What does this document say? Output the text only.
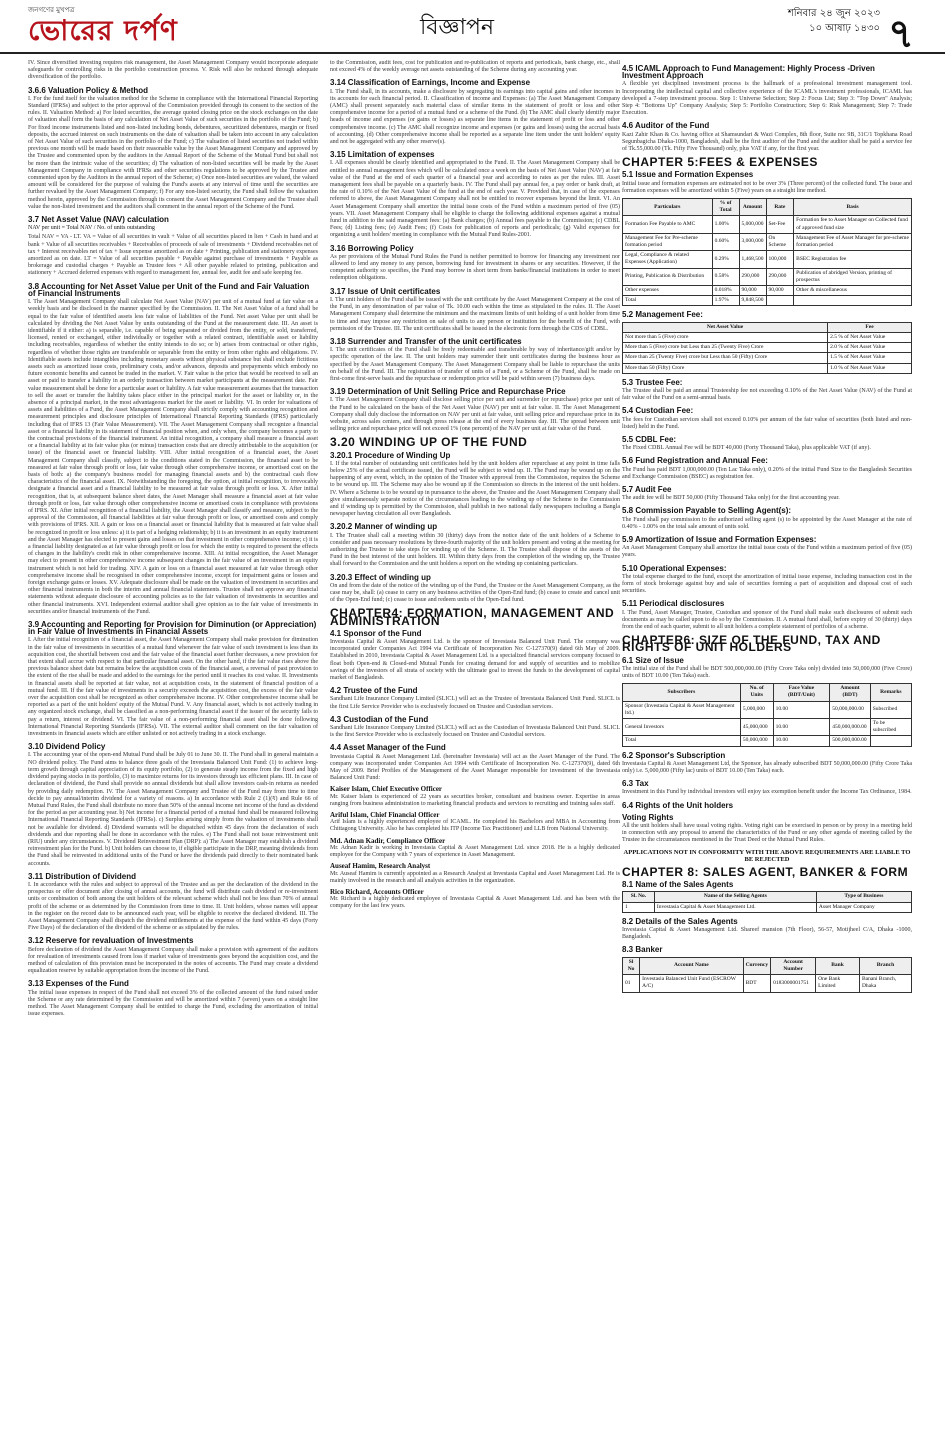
জনগণের মুখপত্র
ভোরের দর্পণ	বিজ্ঞাপন
শনিবার ২৪ জুন ২০২৩
১০ আষাঢ় ১৪৩০ ৭

IV. Since diversified investing requires risk management, the Asset Management Company would incorporate adequate safeguards for controlling risks in the portfolio construction process. V. Risk will also be reduced through adequate diversification of the portfolio.

3.6.6 Valuation Policy & Method

I. For the fund itself for the valuation method for the Scheme in compliance with the International Financial Reporting Standard (IFRSs) and subject to the prior approval of the Commission provided through its consent to the section of the rules. II. Valuation Method: a) For listed securities, the average quoted closing price on the stock exchanges on the date of valuation shall form the basis of any calculation of Net Asset Value of such securities in the portfolio of the Fund; b) For fixed income instruments listed and non-listed including bonds, debentures, securitized debentures, margin or fixed deposits, the accrued interest on such instruments on the date of valuation shall be taken into account in any calculation of Net Asset Value of such securities in the portfolio of the Fund; c) The valuation of listed securities not traded within previous one month will be made based on their reasonable value by the Asset Management Company and approved by the Trustee and commented upon by the auditors in the Annual Report of the Scheme of the Mutual Fund but shall not be more than the intrinsic value of the securities; d) The valuation of non-listed securities will be made by the Asset Management Company in compliance with IFRSs and other securities regulations to be approved by the Trustee and commented upon by the Auditors in the annual report of the Scheme; e) Once non-listed securities are valued, the valued amount will be considered for the purpose of valuing the Fund's assets at any interval of time until the securities are further revalued by the Asset Management Company; f) For any non-listed security, the Fund shall follow the valuation method herein, approved by the Commission through its consent the Asset Management Company and the Trustee shall value the non-listed investment and the auditors shall comment in the annual report of the Scheme of the Fund.

3.7 Net Asset Value (NAV) calculation

NAV per unit = Total NAV / No. of units outstanding

Total NAV = VA - LT. VA = Value of all securities in vault + Value of all securities placed in lien + Cash in hand and at bank + Value of all securities receivables + Receivables of proceeds of sale of investments + Dividend receivables net of tax + Interest receivables net of tax + Issue expense amortized as on date + Printing, publication and stationery expenses amortized as on date. LT = Value of all securities payable + Payable against purchase of investments + Payable as brokerage and custodial charges + Payable as Trustee fees + All other payable related to printing, publication and stationery + Accrued deferred expenses with regard to management fee, annual fee, audit fee and safe keeping fee.

3.8 Accounting for Net Asset Value per Unit of the Fund and Fair Valuation of Financial Instruments

I. The Asset Management Company shall calculate Net Asset Value (NAV) per unit of a mutual fund at fair value on a weekly basis and be disclosed in the manner specified by the Commission. II. The Net Asset Value of a fund shall be equal to the fair value of identified assets less fair value of liabilities of the Fund. Net asset Value per unit shall be calculated by dividing the Net Asset Value by units outstanding of the Fund at the measurement date. III. An asset is identifiable if it either: a) is separable, i.e. capable of being separated or divided from the entity, or sold, transferred, licensed, rented or exchanged, either individually or together with a related contract, identifiable asset or liability including receivables, regardless of whether the entity intends to do so; or b) arises from contractual or other rights, regardless of whether those rights are transferable or separable from the entity or from other rights and obligations. IV. Identifiable assets include intangibles including monetary assets without physical substance but shall exclude fictitious assets such as amortized issue costs, preliminary costs, and/or advances, deposits and prepayments which embody no future economic benefits and cannot be traded in the market. V. Fair value is the price that would be received to sell an asset or paid to transfer a liability in an orderly transaction between market participants at the measurement date. Fair value measurement shall be done for a particular asset or liability. A fair value measurement assumes that the transaction to sell the asset or transfer the liability takes place either in the principal market for the asset or liability or, in the absence of a principal market, in the most advantageous market for the asset or liability. VI. In order for valuations of assets and liabilities of a Fund, the Asset Management Company shall strictly comply with accounting recognition and measurement principles and disclosure principles of International Financial Reporting Standards (IFRS) particularly including that of IFRS 13 (Fair Value Measurement). VII. The Asset Management Company shall recognize a financial asset or a financial liability in its statement of financial position when, and only when, the company becomes a party to the contractual provisions of the financial instrument. An initial recognition, a company shall measure a financial asset or a financial liability at its fair value plus (or minus) transaction costs that are directly attributable to the acquisition (or issue) of the financial asset or financial liability. VIII. After initial recognition of a financial asset, the Asset Management Company shall classify, subject to the conditions stated in the Commission, the financial asset to be measured at fair value through profit or loss, fair value through other comprehensive income, or amortised cost on the basis of both: a) the company's business model for managing financial assets and b) the contractual cash flow characteristics of the financial asset. IX. Notwithstanding the foregoing, the option, at initial recognition, to irrevocably designate a financial asset and a financial liability to be measured at fair value through profit or loss. X. After initial recognition, that is, at subsequent balance sheet dates, the Asset Manager shall measure a financial asset at fair value through profit or loss, fair value through other comprehensive income or amortised costs in compliance with provisions of IFRS. XI. After initial recognition of a financial liability, the Asset Manager shall classify and measure, subject to the approval of the Commission, all financial liabilities at fair value through profit or loss, or amortised costs and comply with provisions of IFRS. XII. A gain or loss on a financial asset or financial liability that is measured at fair value shall be recognized in profit or loss unless: a) it is part of a hedging relationship; b) it is an investment in an equity instrument and the Asset Manager has elected to present gains and losses on that investment in other comprehensive income; c) it is a financial liability designated as at fair value through profit or loss for which the entity is required to present the effects of changes in the liability's credit risk in other comprehensive income. XIII. At initial recognition, the Asset Manager may elect to present in other comprehensive income subsequent changes in the fair value of an investment in an equity instrument which is not held for trading. XIV. A gain or loss on a financial asset measured at fair value through other comprehensive income shall be recognised in other comprehensive income, except for impairment gains or losses and foreign exchange gains or losses. XV. Adequate disclosure shall be made on the valuation of investment in securities and other financial instruments in both the interim and annual financial statements. Trustee shall not approve any financial statements without adequate disclosure of accounting policies as to the fair valuation of investments in securities and other financial instruments. XVI. Independent external auditor shall give opinion as to the fair value of investments in securities and/or financial instruments of the Fund.

3.9 Accounting and Reporting for Provision for Diminution (or Appreciation) in Fair Value of Investments in Financial Assets

I. After the initial recognition of a financial asset, the Asset Management Company shall make provision for diminution in the fair value of investments in securities of a mutual fund whenever the fair value of such investment is less than its acquisition cost, the shortfall between cost and the fair value of the financial asset further decreases, a new provision for that extent shall accrue with respect to that particular financial asset. On the other hand, if the fair value rises above the previous balance sheet date but remains below the acquisition costs of the financial asset, a reversal of past provision to the extent of the rise shall be made and added to the earnings for the period until it reaches its cost value. II. Investments in financial assets shall be reported at fair value, not at acquisition costs, in the statement of financial position of a mutual fund. III. If the fair value of investments in a security exceeds the acquisition cost, the excess of the fair value over the acquisition cost shall be recognized as other comprehensive income. IV. Other comprehensive income shall be reported as a part of the unit holders' equity of the Mutual Fund. V. Any financial asset, which is not actively trading in any organized stock exchange, shall be classified as a non-performing financial asset if the issuer of the security fails to pay a return, interest or dividend. VI. The fair value of a non-performing financial asset shall be done following International Financial Reporting Standards (IFRSs). VII. The external auditor shall comment on the fair valuation of investments in financial assets which are either unlisted or not actively trading in a stock exchange.

3.10 Dividend Policy

I. The accounting year of the open-end Mutual Fund shall be July 01 to June 30. II. The Fund shall in general maintain a NO dividend policy. The Fund aims to balance three goals of the Investasia Balanced Unit Fund: (1) to achieve long-term growth through capital appreciation of its equity portfolio, (2) to generate steady income from the fixed and high dividend paying stocks in its portfolio, (3) to maximize returns for its investors through tax efficient plans. III. In case of declaration of dividend, the Fund shall provide no annual dividends but shall allow investors cash-in returns as needed by providing daily redemption. IV. The Asset Management Company and Trustee of the Fund may from time to time decide to pay annual/interim dividend for a variety of reasons. a) In accordance with Rule 2 (1)(ধ) and Rule 66 of Mutual Fund Rules, the Fund shall distribute no more than 50% of the annual income net income of the fund as dividend for the period as per accounting year. b) Net income for a financial period of a mutual fund shall be measured following International Financial Reporting Standards (IFRSs). c) Surplus arising simply from the valuation of investments shall not be available for dividend. d) Dividend warrants will be dispatched within 45 days from the declaration of such dividends and due reporting shall be done in accordance with the rules. e) The Fund shall not issue reinvestment unit (RIU) under any circumstances. V. Dividend Reinvestment Plan (DRP): a) The Asset Manager may establish a dividend reinvestment plan for the Fund. b) Unit holders can choose to, if eligible participate in the DRP, meaning dividends from the Fund shall be reinvested in additional units of the Fund or have the dividends paid directly to their nominated bank accounts.

3.11 Distribution of Dividend

I. In accordance with the rules and subject to approval of the Trustee and as per the declaration of the dividend in the prospectus or offer document after closing of annual accounts, the fund will distribute cash dividend or re-investment units or combination of both among the unit holders of the relevant scheme which shall not be less than 70% of annual profit of the scheme or as determined by the Commission from time to time. II. Unit holders, whose names will appear in the register on the record date to be announced each year, will be eligible to receive the declared dividend. III. The Asset Management Company shall dispatch the dividend entitlements at the expense of the fund within 45 days (Forty Five Days) of the declaration of the dividend of the scheme or as stipulated by the rules.

3.12 Reserve for revaluation of Investments

Before declaration of dividend the Asset Management Company shall make a provision with agreement of the auditors for revaluation of investments caused from loss if market value of investments goes beyond the acquisition cost, and the method of calculation of this provision must be incorporated in the notes of accounts. The Fund may create a dividend equalization reserve by suitable appropriation from the income of the Fund.

3.13 Expenses of the Fund

The initial issue expenses in respect of the Fund shall not exceed 3% of the collected amount of the fund raised under the Scheme or any rate determined by the Commission and will be amortized within 7 (seven) years on a straight line method. The Asset Management Company shall be entitled to charge the Fund, excluding the amortization of initial issue expenses.

to the Commission, audit fees, cost for publication and re-publication of reports and periodicals, bank charge, etc., shall not exceed 4% of the weekly average net assets outstanding of the Scheme during any accounting year.

3.14 Classification of Earnings, Income and Expense

I. The Fund shall, in its accounts, make a disclosure by segregating its earnings into capital gains and other incomes in its accounts for each financial period. II. Classification of income and Expenses: (a) The Asset Management Company (AMC) shall present separately each material class of similar items in the statement of profit or loss and other comprehensive income for a period of a mutual fund or a scheme of the Fund. (b) The AMC shall clearly identify major heads of income and expenses (or gains or losses) as separate line items in the statement of profit or loss and other comprehensive income. (c) The AMC shall recognize income and expenses (or gains and losses) using the accrual basis of accounting. (d) Other comprehensive income shall be reported as a separate line item under the unit holders' equity and not be aggregated with any other reserve(s).

3.15 Limitation of expenses

I. All expenses should be clearly identified and appropriated to the Fund. II. The Asset Management Company shall be entitled to annual management fees which will be calculated once a week on the basis of Net Asset Value (NAV) at fair value of the Fund at the end of each quarter of a financial year and according to rates as per the rules. III. Asset management fees shall be payable on a quarterly basis. IV. The Fund shall pay annual fee, a pay order or bank draft, at the rate of 0.10% of the Net Asset Value of the fund at the end of each year. V. Provided that, in case of the expenses referred to above, the Asset Management Company shall not be entitled to recover expenses beyond the limit. VI. An Asset Management Company shall amortize the initial issue costs of the Fund within a maximum period of five (05) years. VII. Asset Management Company shall be eligible to charge the following additional expenses against a mutual fund in addition to the said management fees: (a) Bank charges; (b) Annual fees payable to the Commission; (c) CDBL Fees; (d) Listing fees; (e) Audit Fees; (f) Costs for publication of reports and periodicals; (g) Valid expenses for organizing a unit holders' meeting in compliance with the Mutual Fund Rules-2001.

3.16 Borrowing Policy

As per provisions of the Mutual Fund Rules the Fund is neither permitted to borrow for financing any investment nor allowed to lend any money to any person, borrowing fund for investment in shares or any securities. However, if the competent authority so specifies, the Fund may borrow in short term from banks/financial institutions in order to meet redemption obligations.

3.17 Issue of Unit certificates

I. The unit holders of the Fund shall be issued with the unit certificate by the Asset Management Company at the cost of the Fund, in any denomination of par value of Tk. 10.00 each within the time as stipulated in the rules. II. The Asset Management Company shall determine the minimum and the maximum limits of unit holding of a unit holder from time to time and may impose any restriction on sale of units to any person or institution for the benefit of the Fund, with permission of the Trustee. III. The unit certificates shall be issued in the electronic form through the CDS of CDBL.

3.18 Surrender and Transfer of the unit certificates

I. The unit certificates of the Fund shall be freely redeemable and transferable by way of inheritance/gift and/or by specific operation of the law. II. The unit holders may surrender their unit certificates during the business hour as specified by the Asset Management Company. The Asset Management Company shall be liable to repurchase the units on behalf of the Fund. III. The registration of transfer of units of a Fund, or a Scheme of the Fund, shall be made on first-come first-serve basis and the repurchase or redemption price will be paid within seven (7) business days.

3.19 Determination of Unit Selling Price and Repurchase Price

I. The Asset Management Company shall disclose selling price per unit and surrender (or repurchase) price per unit of the Fund to be calculated on the basis of the Net Asset Value (NAV) per unit at fair value. II. The Asset Management Company shall duly disclose the information on NAV per unit at fair value, unit selling price and repurchase price in its website, across sales centers, and through press release at the end of every business day. III. The spread between unit selling price and repurchase price will not exceed 1% (one percent) of the NAV per unit at fair value of the Fund.

3.20 WINDING UP OF THE FUND
3.20.1 Procedure of Winding Up

I. If the total number of outstanding unit certificates held by the unit holders after repurchase at any point in time falls below 25% of the actual certificate issued, the Fund will be subject to wind up. II. The Fund may be wound up on the happening of any event, which, in the opinion of the Trustee with approval from the Commission, requires the Scheme to be wound up. III. The Scheme may also be wound up if the Commission so directs in the interest of the unit holders. IV. Where a Scheme is to be wound up in pursuance to the above, the Trustee and the Asset Management Company shall give simultaneously separate notice of the circumstances leading to the winding up of the Scheme to the Commission and if winding up is permitted by the Commission, shall publish in two national daily newspapers including a Bangla newspaper having circulation all over Bangladesh.

3.20.2 Manner of winding up

I. The Trustee shall call a meeting within 30 (thirty) days from the notice date of the unit holders of a Scheme to consider and pass necessary resolutions by three-fourth majority of the unit holders present and voting at the meeting for authorizing the Trustee to take steps for winding up of the Scheme. II. The Trustee shall dispose of the assets of the Fund in the best interest of the unit holders. III. Within thirty days from the completion of the winding up, the Trustee shall forward to the Commission and the unit holders a report on the winding up containing particulars.

3.20.3 Effect of winding up

On and from the date of the notice of the winding up of the Fund, the Trustee or the Asset Management Company, as the case may be, shall: (a) cease to carry on any business activities of the Open-End fund; (b) cease to create and cancel unit of the Open-End fund; (c) cease to issue and redeem units of the Open-End fund.

CHAPTER4: FORMATION, MANAGEMENT AND ADMINISTRATION
4.1 Sponsor of the Fund

Investasia Capital & Asset Management Ltd. is the sponsor of Investasia Balanced Unit Fund. The company was incorporated under Companies Act 1994 via Certificate of Incorporation No: C-127370(9) dated 6th May of 2009. Established in 2010, Investasia Capital & Asset Management Ltd. is a specialized financial services company focused to float both Open-end & Closed-end Mutual Funds for creating demand for and supply of securities and to mobilize savings of the investors of all strata of society with the ultimate goal to invest the funds to the development of capital market of Bangladesh.

4.2 Trustee of the Fund

Sandhani Life Insurance Company Limited (SLICL) will act as the Trustee of Investasia Balanced Unit Fund. SLICL is the first Life Service Provider who is exclusively focused on Trustee and Custodian services.

4.3 Custodian of the Fund

Sandhani Life Insurance Company Limited (SLICL) will act as the Custodian of Investasia Balanced Unit Fund. SLICL is the first Service Provider who is exclusively focused on Trustee and Custodial services.

4.4 Asset Manager of the Fund

Investasia Capital & Asset Management Ltd. (hereinafter Investasia) will act as the Asset Manager of the Fund. The company was incorporated under Companies Act 1994 with Certificate of Incorporation No. C-127370(9), dated 6th May of 2009. Brief Profiles of the Management of the Asset Manager responsible for investment of the Investasia Balanced Unit Fund:

Kaiser Islam, Chief Executive Officer

Mr. Kaiser Islam is experienced of 22 years as securities broker, consultant and business owner. Expertise in areas ranging from business administration to marketing financial products and services to recruiting and training sales staff.

Ariful Islam, Chief Financial Officer

Arif Islam is a highly experienced employee of ICAML. He completed his Bachelors and MBA in Accounting from Chittagong University. Also he has completed his ITP (Income Tax Practitioner) and LLB from National University.

Md. Adnan Kadir, Compliance Officer

Mr. Adnan Kadir is working in Investasia Capital & Asset Management Ltd. since 2018. He is a highly dedicated employee for the Company with 7 years of experience in Asset Management.

Auseaf Hamim, Research Analyst

Mr. Auseaf Hamim is currently appointed as a Research Analyst at Investasia Capital and Asset Management Ltd. He is mainly involved in the research and all analysis activities in the organization.

Rico Richard, Accounts Officer

Mr. Richard is a highly dedicated employee of Investasia Capital & Asset Management Ltd. and has been with the company for the last few years.

4.5 ICAML Approach to Fund Management: Highly Process -Driven Investment Approach

A flexible yet disciplined investment process is the hallmark of a professional investment management tool. Incorporating the intellectual capital and collective experience of the ICAML's investment professionals, ICAML has developed a 7-step investment process. Step 1: Universe Selection; Step 2: Focus List; Step 3: "Top Down" Analysis; Step 4: "Bottoms Up" Company Analysis; Step 5: Portfolio Construction; Step 6: Risk Management; Step 7: Trade Execution.

4.6 Auditor of the Fund

Kazi Zahir Khan & Co. having office at Shamsundari & Wazi Complex, 8th floor, Suite no: 9B, 31C/1 Topkhana Road Segunbagicha Dhaka-1000, Bangladesh, shall be the first auditor of the Fund and the auditor shall be paid a service fee of Tk.55,000.00 (Tk. Fifty Five Thousand) only, plus VAT if any, for the first year.

CHAPTER 5:FEES & EXPENSES
5.1 Issue and Formation Expenses

Initial issue and formation expenses are estimated not to be over 3% (Three percent) of the collected fund. The issue and formation expenses will be amortized within 5 (Five) years on a straight line method.

Particulars	% of Total	Amount	Rate	Basis
Formation Fee Payable to AMC	1.00%	5,000,000	Set-Fee	Formation fee to Asset Manager on Collected fund of approved fund size
Management Fee for Pre-scheme formation period	0.60%	3,000,000	On Scheme	Management Fee of Asset Manager for pre-scheme formation period
Legal, Compliance & related Expenses (Application)	0.29%	1,468,500	100,000	BSEC Registration fee
Printing, Publication & Distribution	0.58%	290,000	290,000	Publication of abridged Version, printing of prospectus
Other expenses	0.018%	90,000	90,000	Other & miscellaneous
Total	1.97%	9,848,500		
5.2 Management Fee:
Net Asset Value	Fee
Not more than 5 (Five) crore	2.5 % of Net Asset Value
More than 5 (Five) crore but Less than 25 (Twenty Five) Crore	2.0 % of Net Asset Value
More than 25 (Twenty Five) crore but Less than 50 (Fifty) Crore	1.5 % of Net Asset Value
More than 50 (Fifty) Crore	1.0 % of Net Asset Value
5.3 Trustee Fee:

The Trustee shall be paid an annual Trusteeship fee not exceeding 0.10% of the Net Asset Value (NAV) of the Fund at fair value of the Fund on a semi-annual basis.

5.4 Custodian Fee:

The fees for Custodian services shall not exceed 0.10% per annum of the fair value of securities (both listed and non-listed) held in the Fund.

5.5 CDBL Fee:

The Fixed CDBL Annual Fee will be BDT 40,000 (Forty Thousand Taka), plus applicable VAT (if any).

5.6 Fund Registration and Annual Fee:

The Fund has paid BDT 1,000,000.00 (Ten Lac Taka only), 0.20% of the initial Fund Size to the Bangladesh Securities and Exchange Commission (BSEC) as registration fee.

5.7 Audit Fee

The audit fee will be BDT 50,000 (Fifty Thousand Taka only) for the first accounting year.

5.8 Commission Payable to Selling Agent(s):

The Fund shall pay commission to the authorized selling agent (s) to be appointed by the Asset Manager at the rate of 0.40% - 1.00% on the total sale amount of units sold.

5.9 Amortization of Issue and Formation Expenses:

An Asset Management Company shall amortize the initial issue costs of the Fund within a maximum period of five (05) years.

5.10 Operational Expenses:

The total expense charged to the fund, except the amortization of initial issue expense, including transaction cost in the form of stock brokerage against buy and sale of securities forming a part of acquisition and disposal cost of such securities.

5.11 Periodical disclosures

I. The Fund, Asset Manager, Trustee, Custodian and sponsor of the Fund shall make such disclosures of submit such documents as may be called upon to do so by the Commission. II. A mutual fund shall, before expiry of 30 (thirty) days from the end of each quarter, submit to all unit holders a complete statement of portfolios of a scheme.

CHAPTER6: SIZE OF THE FUND, TAX AND RIGHTS OF UNIT HOLDERS
6.1 Size of Issue

The initial size of the Fund shall be BDT 500,000,000.00 (Fifty Crore Taka only) divided into 50,000,000 (Five Crore) units of BDT 10.00 (Ten Taka) each.

Subscribers	No. of Units	Face Value (BDT/Unit)	Amount (BDT)	Remarks
Sponsor (Investasia Capital & Asset Management ltd.)	5,000,000	10.00	50,000,000.00	Subscribed
General Investors	45,000,000	10.00	450,000,000.00	To be subscribed
Total	50,000,000	10.00	500,000,000.00	
6.2 Sponsor's Subscription

Investasia Capital & Asset Management Ltd, the Sponsor, has already subscribed BDT 50,000,000.00 (Fifty Crore Taka only) i.e. 5,000,000 (Fifty lac) units of BDT 10.00 (Ten Taka) each.

6.3 Tax

Investment in this Fund by individual investors will enjoy tax exemption benefit under the Income Tax Ordinance, 1984.

6.4 Rights of the Unit holders
Voting Rights

All the unit holders shall have usual voting rights. Voting right can be exercised in person or by proxy in a meeting held in connection with any proposal to amend the characteristics of the Fund or any other agenda of meeting called by the Trustee in the circumstances mentioned in the Trust Deed or the Mutual Fund Rules.

APPLICATIONS NOT IN CONFORMITY WITH THE ABOVE REQUIREMENTS ARE LIABLE TO BE REJECTED

CHAPTER 8: SALES AGENT, BANKER & FORM
8.1 Name of the Sales Agents
Sl. No.	Name of the Selling Agents	Type of Business
1	Investasia Capital & Asset Management Ltd.	Asset Manager Company
8.2 Details of the Sales Agents

Investasia Capital & Asset Management Ltd. Shareef mansion (7th Floor), 56-57, Motijheel C/A, Dhaka -1000, Bangladesh.

8.3 Banker
Sl No	Account Name	Currency	Account Number	Bank	Branch
01	Investasia Balanced Unit Fund (ESCROW A/C)	BDT	0183000001751	One Bank Limited	Banani Branch, Dhaka
